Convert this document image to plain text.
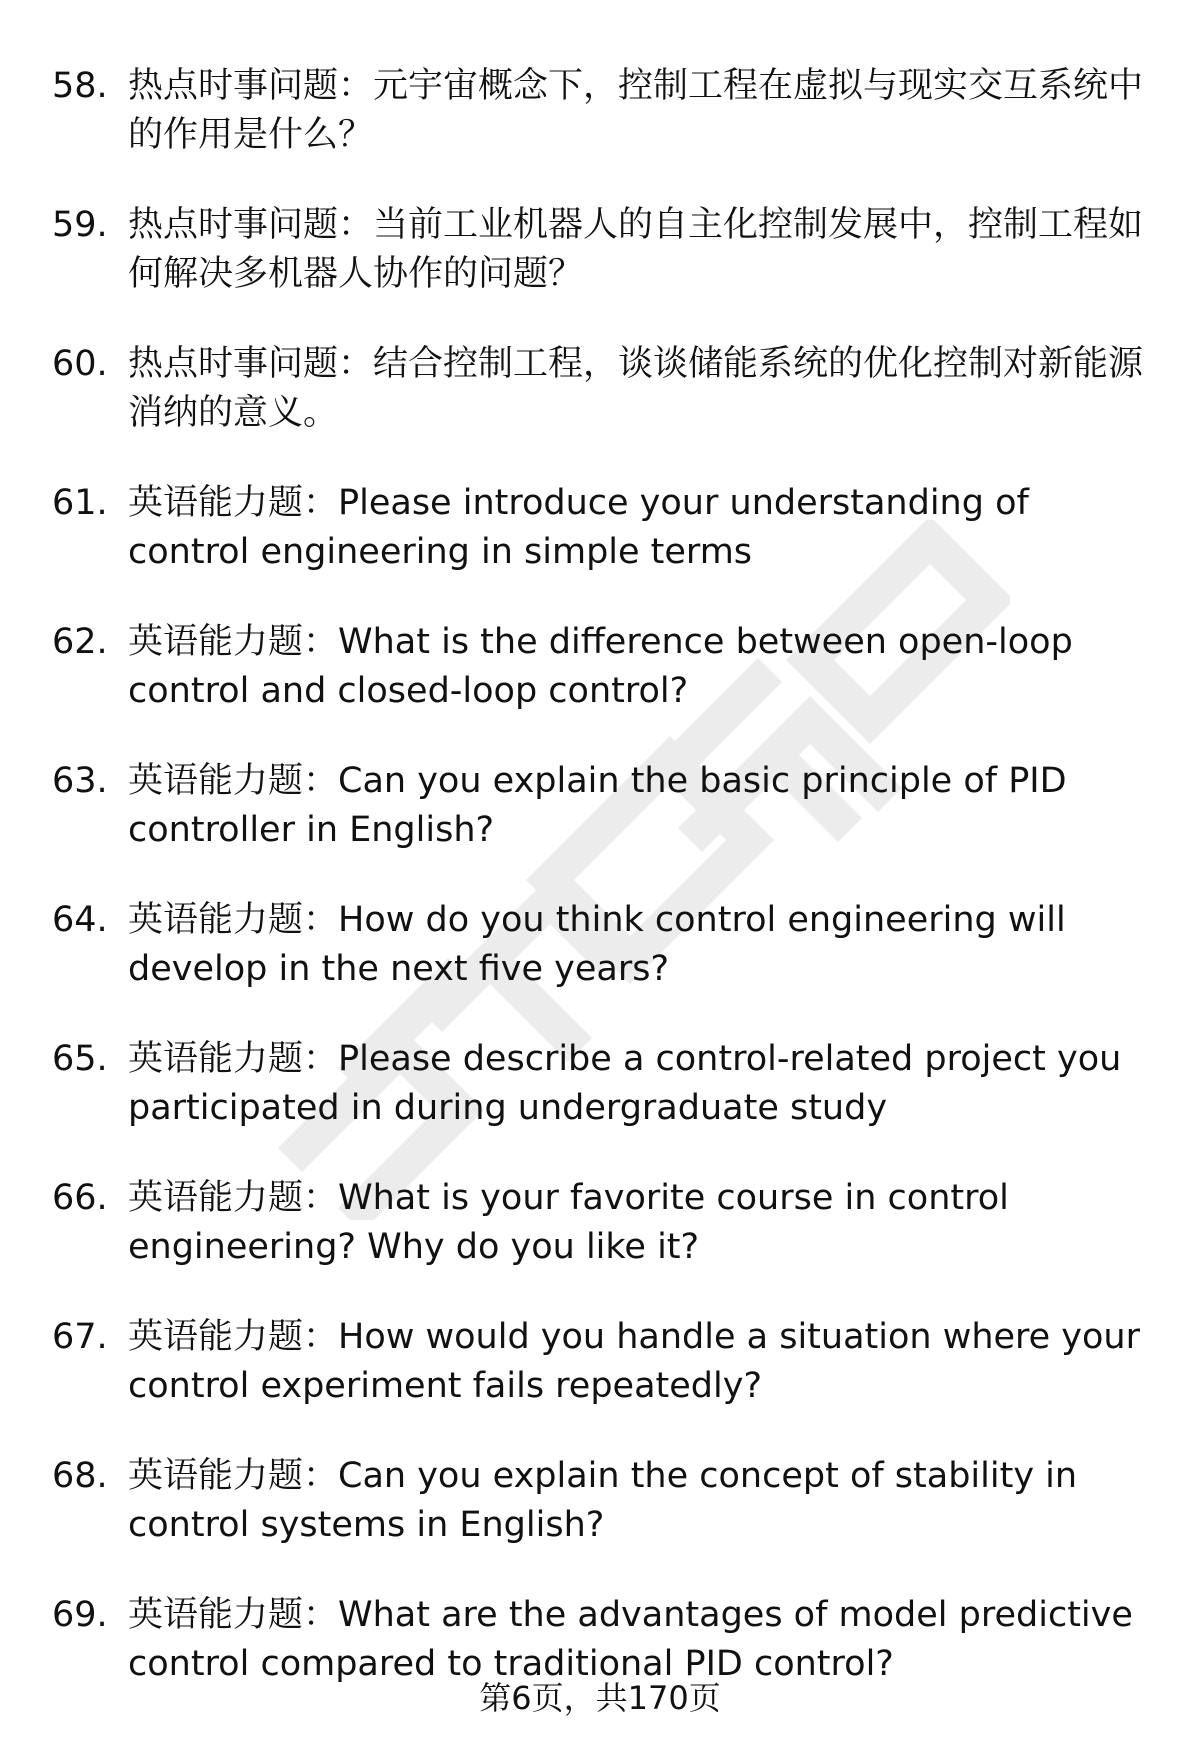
58. 热点时事问题：元宇宙概念下，控制工程在虚拟与现实交互系统中的作用是什么？
59. 热点时事问题：当前工业机器人的自主化控制发展中，控制工程如何解决多机器人协作的问题？
60. 热点时事问题：结合控制工程，谈谈储能系统的优化控制对新能源消纳的意义。
61. 英语能力题：Please introduce your understanding of control engineering in simple terms
62. 英语能力题：What is the difference between open-loop control and closed-loop control?
63. 英语能力题：Can you explain the basic principle of PID controller in English?
64. 英语能力题：How do you think control engineering will develop in the next five years?
65. 英语能力题：Please describe a control-related project you participated in during undergraduate study
66. 英语能力题：What is your favorite course in control engineering? Why do you like it?
67. 英语能力题：How would you handle a situation where your control experiment fails repeatedly?
68. 英语能力题：Can you explain the concept of stability in control systems in English?
69. 英语能力题：What are the advantages of model predictive control compared to traditional PID control?
第6页，共170页
